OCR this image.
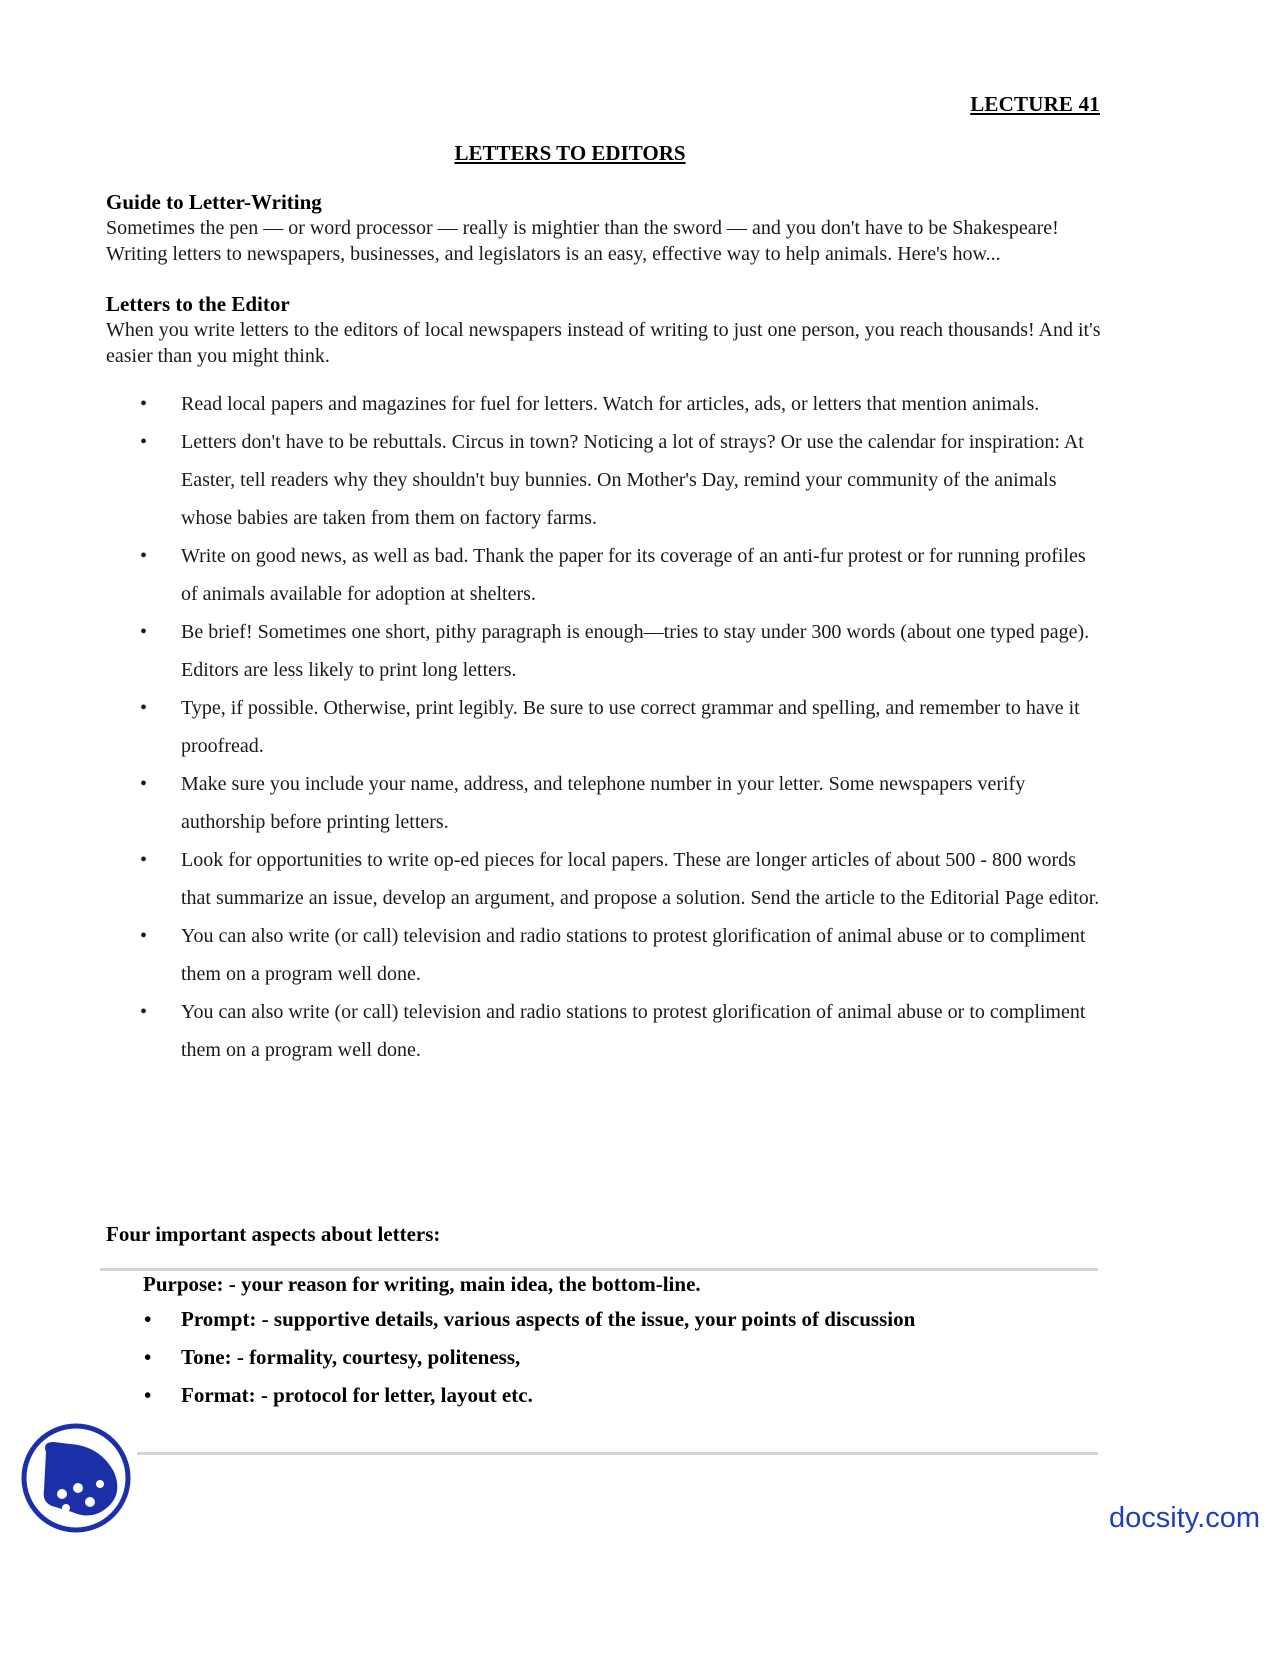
LECTURE 41
LETTERS TO EDITORS

Guide to Letter-Writing

Sometimes the pen — or word processor — really is mightier than the sword — and you don't have to be Shakespeare! Writing letters to newspapers, businesses, and legislators is an easy, effective way to help animals. Here's how...

Letters to the Editor

When you write letters to the editors of local newspapers instead of writing to just one person, you reach thousands! And it's easier than you might think.

• Read local papers and magazines for fuel for letters. Watch for articles, ads, or letters that mention animals.
• Letters don't have to be rebuttals. Circus in town? Noticing a lot of strays? Or use the calendar for inspiration: At Easter, tell readers why they shouldn't buy bunnies. On Mother's Day, remind your community of the animals whose babies are taken from them on factory farms.
• Write on good news, as well as bad. Thank the paper for its coverage of an anti-fur protest or for running profiles of animals available for adoption at shelters.
• Be brief! Sometimes one short, pithy paragraph is enough—tries to stay under 300 words (about one typed page). Editors are less likely to print long letters.
• Type, if possible. Otherwise, print legibly. Be sure to use correct grammar and spelling, and remember to have it proofread.
• Make sure you include your name, address, and telephone number in your letter. Some newspapers verify authorship before printing letters.
• Look for opportunities to write op-ed pieces for local papers. These are longer articles of about 500 - 800 words that summarize an issue, develop an argument, and propose a solution. Send the article to the Editorial Page editor.
• You can also write (or call) television and radio stations to protest glorification of animal abuse or to compliment them on a program well done.
• You can also write (or call) television and radio stations to protest glorification of animal abuse or to compliment them on a program well done.
Four important aspects about letters:
Purpose: - your reason for writing, main idea, the bottom-line.
• Prompt: - supportive details, various aspects of the issue, your points of discussion
• Tone: - formality, courtesy, politeness,
• Format: - protocol for letter, layout etc.
docsity.com
